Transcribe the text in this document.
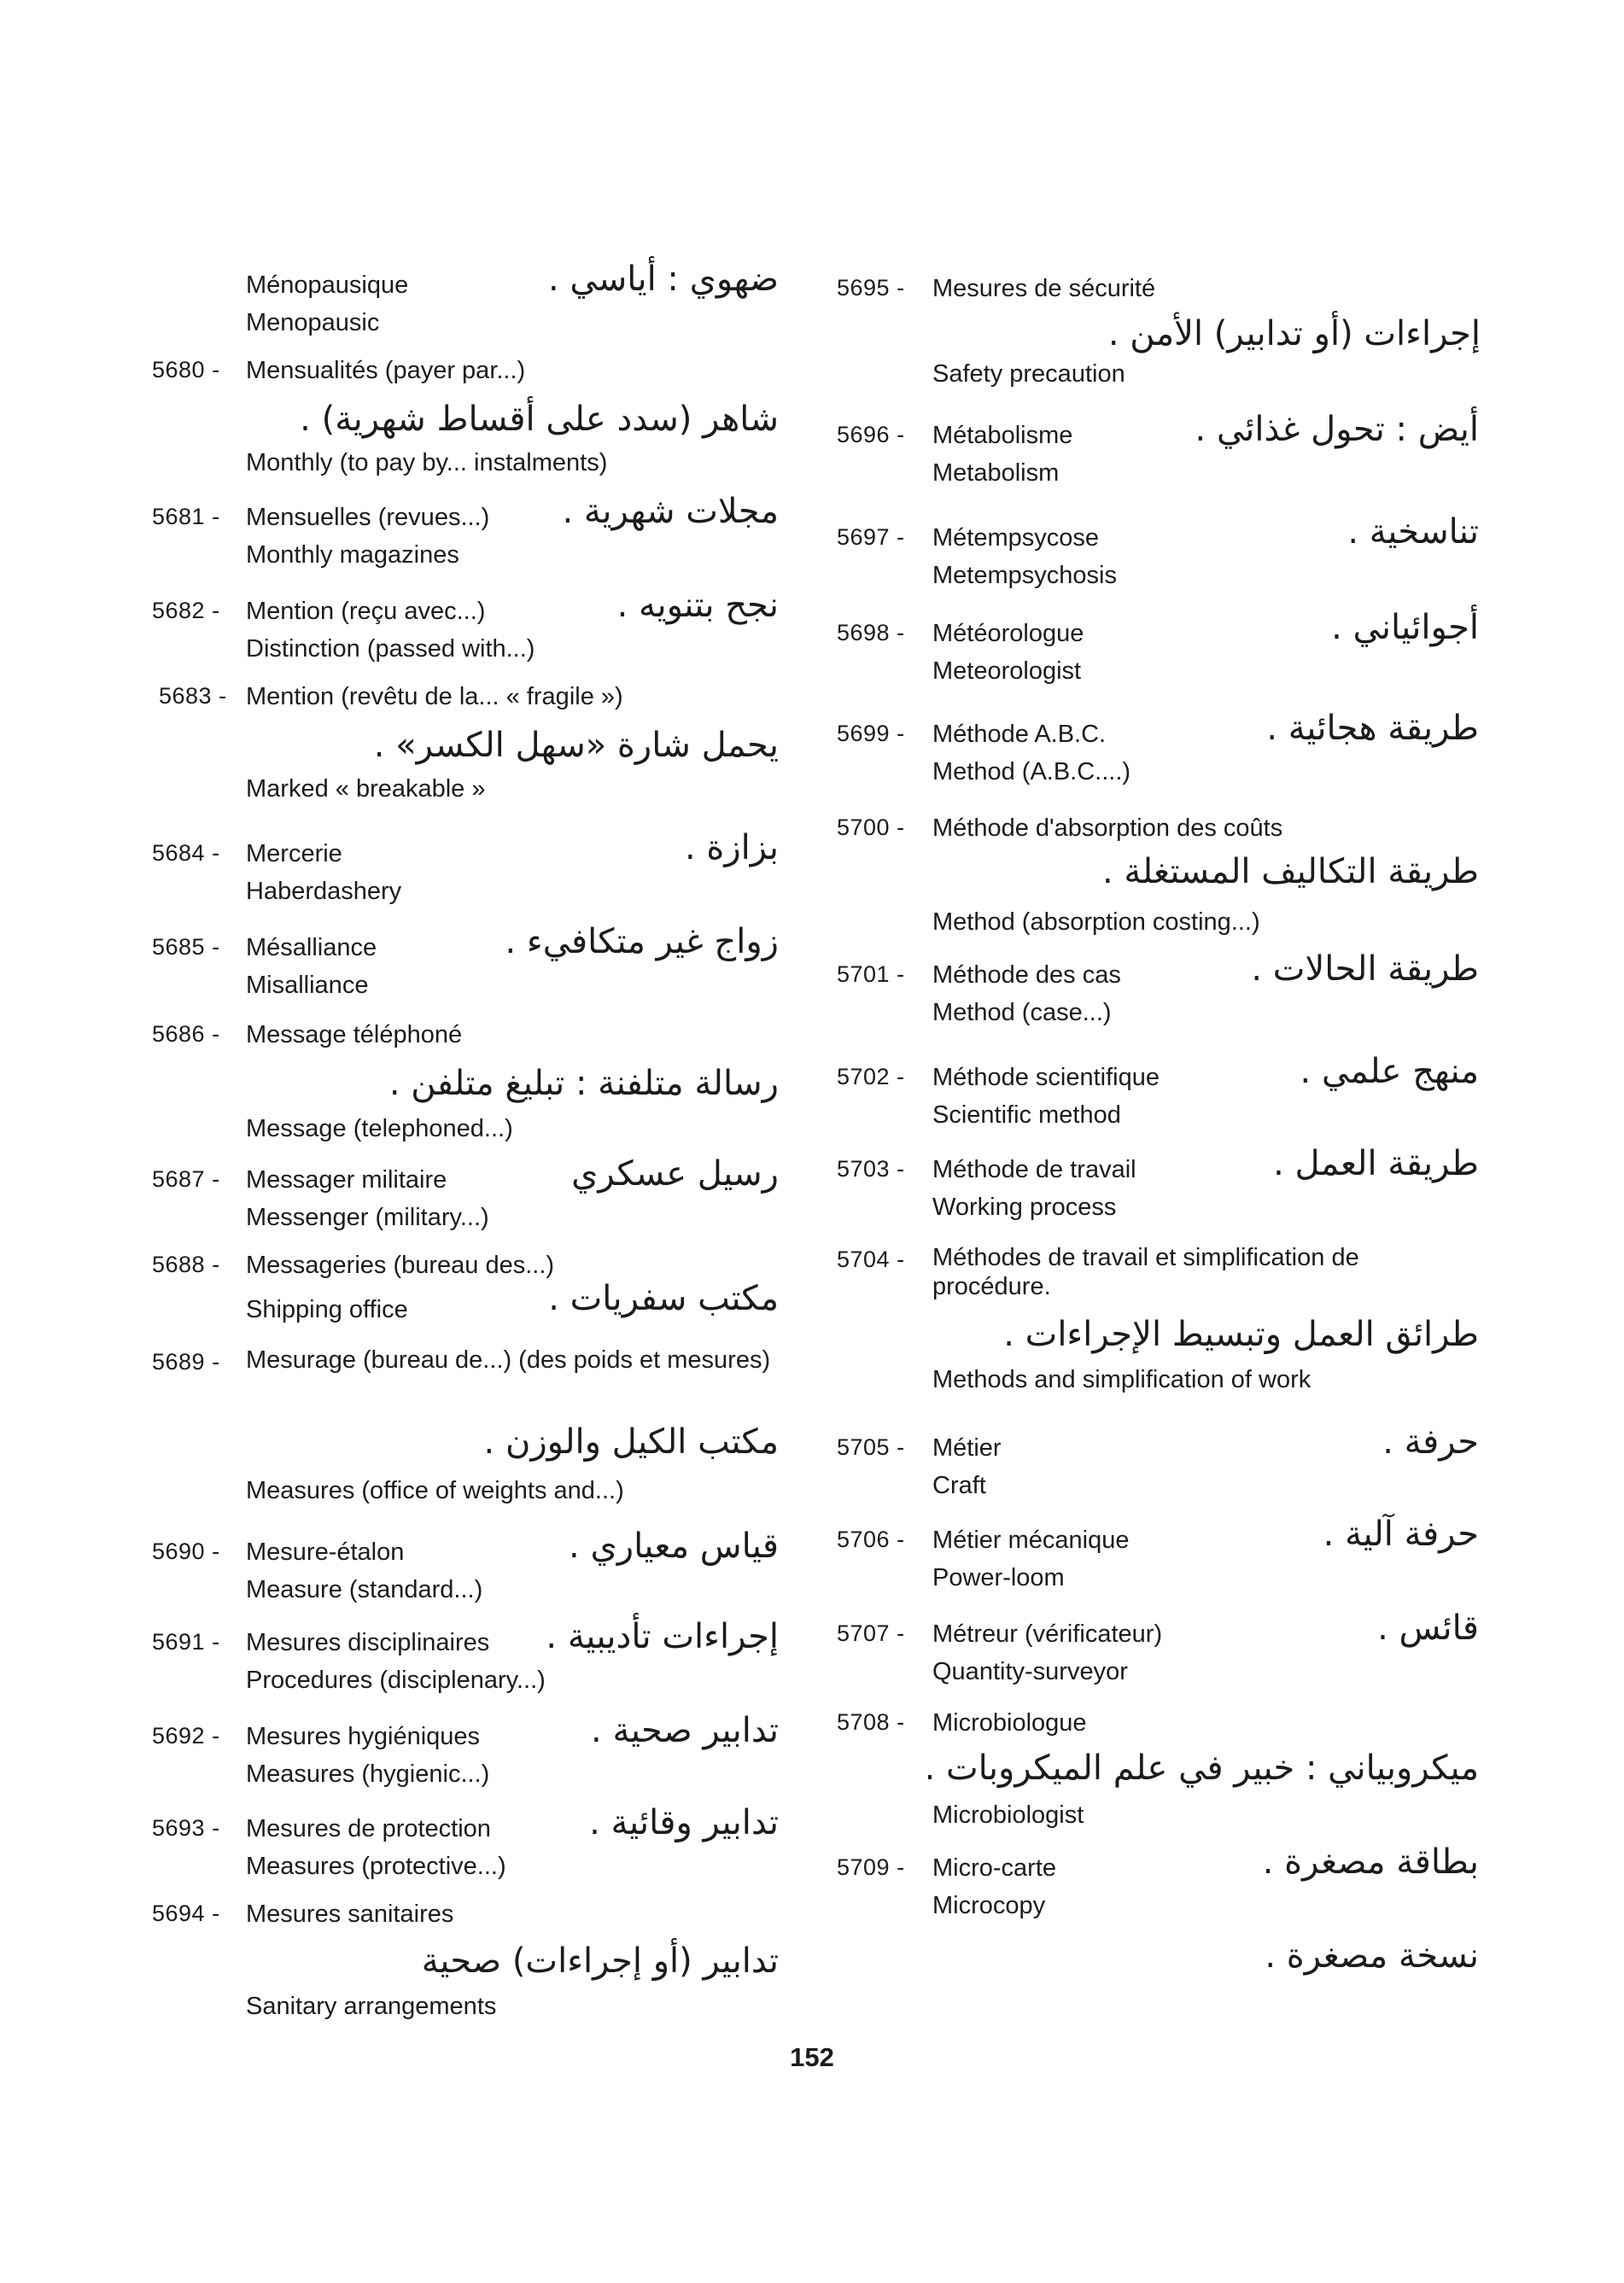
Ménopausique	ضهوي : أياسي .
Menopausic
5680 - Mensualités (payer par...)
شاهر (سدد على أقساط شهرية) .
Monthly (to pay by... instalments)
5681 - Mensuelles (revues...) مجلات شهرية .
Monthly magazines
5682 - Mention (reçu avec...)	نجح بتنويه .
Distinction (passed with...)
5683 - Mention (revêtu de la... « fragile »)
يحمل شارة «سهل الكسر» .
Marked « breakable »
5684 - Mercerie	بزازة .
Haberdashery
5685 - Mésalliance	زواج غير متكافيء .
Misalliance
5686 - Message téléphoné
رسالة متلفنة : تبليغ متلفن .
Message (telephoned...)
5687 - Messager militaire	رسيل عسكري
Messenger (military...)
5688 - Messageries (bureau des...)
مكتب سفريات .
Shipping office
5689 - Mesurage (bureau de...) (des poids et mesures)
مكتب الكيل والوزن .
Measures (office of weights and...)
5690 - Mesure-étalon	قياس معياري .
Measure (standard...)
5691 - Mesures disciplinaires إجراءات تأديبية .
Procedures (disciplenary...)
5692 - Mesures hygiéniques	تدابير صحية .
Measures (hygienic...)
5693 - Mesures de protection	تدابير وقائية .
Measures (protective...)
5694 - Mesures sanitaires
تدابير (أو إجراءات) صحية
Sanitary arrangements
5695 - Mesures de sécurité
إجراءات (أو تدابير) الأمن .
Safety precaution
5696 - Métabolisme	أيض : تحول غذائي .
Metabolism
5697 - Métempsycose	تناسخية .
Metempsychosis
5698 - Météorologue	أجوائياني .
Meteorologist
5699 - Méthode A.B.C.	طريقة هجائية .
Method (A.B.C....)
5700 - Méthode d'absorption des coûts
طريقة التكاليف المستغلة .
Method (absorption costing...)
5701 - Méthode des cas	طريقة الحالات .
Method (case...)
5702 - Méthode scientifique	منهج علمي .
Scientific method
5703 - Méthode de travail	طريقة العمل .
Working process
5704 - Méthodes de travail et simplification de procédure.
طرائق العمل وتبسيط الإجراءات .
Methods and simplification of work
5705 - Métier	حرفة .
Craft
5706 - Métier mécanique	حرفة آلية .
Power-loom
5707 - Métreur (vérificateur)	قائس .
Quantity-surveyor
5708 - Microbiologue
ميكروبياني : خبير في علم الميكروبات .
Microbiologist
5709 - Micro-carte	بطاقة مصغرة .
Microcopy
نسخة مصغرة .
152
